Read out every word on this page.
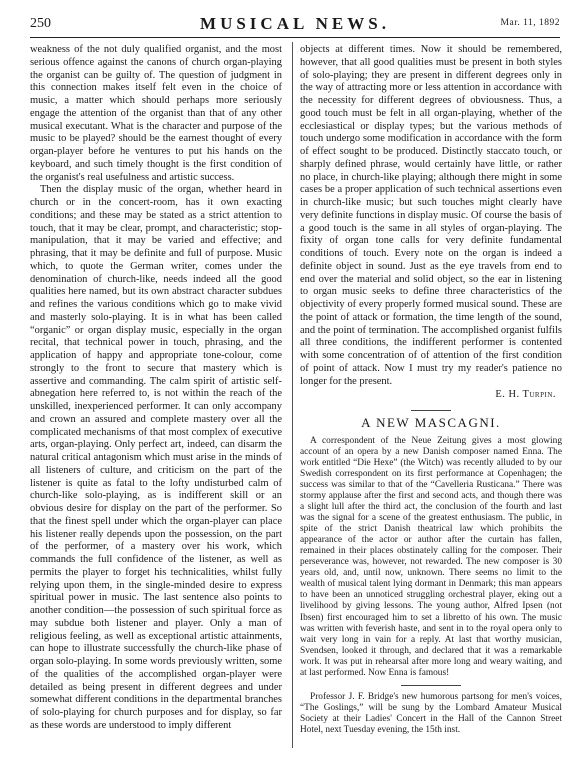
250	MUSICAL NEWS.	Mar. 11, 1892

weakness of the not duly qualified organist, and the most serious offence against the canons of church organ-playing the organist can be guilty of. The question of judgment in this connection makes itself felt even in the choice of music, a matter which should perhaps more seriously engage the attention of the organist than that of any other musical executant. What is the character and purpose of the music to be played? should be the earnest thought of every organ-player before he ventures to put his hands on the keyboard, and such timely thought is the first condition of the organist's real usefulness and artistic success.

Then the display music of the organ, whether heard in church or in the concert-room, has it own exacting conditions; and these may be stated as a strict attention to touch, that it may be clear, prompt, and characteristic; stop-manipulation, that it may be varied and effective; and phrasing, that it may be definite and full of purpose. Music which, to quote the German writer, comes under the denomination of church-like, needs indeed all the good qualities here named, but its own abstract character subdues and refines the various conditions which go to make vivid and masterly solo-playing. It is in what has been called “organic” or organ display music, especially in the organ recital, that technical power in touch, phrasing, and the application of happy and appropriate tone-colour, come strongly to the front to secure that mastery which is assertive and commanding. The calm spirit of artistic self-abnegation here referred to, is not within the reach of the unskilled, inexperienced performer. It can only accompany and crown an assured and complete mastery over all the complicated mechanisms of that most complex of executive arts, organ-playing. Only perfect art, indeed, can disarm the natural critical antagonism which must arise in the minds of all listeners of culture, and criticism on the part of the listener is quite as fatal to the lofty undisturbed calm of church-like solo-playing, as is indifferent skill or an obvious desire for display on the part of the performer. So that the finest spell under which the organ-player can place his listener really depends upon the possession, on the part of the performer, of a mastery over his work, which commands the full confidence of the listener, as well as permits the player to forget his technicalities, whilst fully relying upon them, in the single-minded desire to express spiritual power in music. The last sentence also points to another condition—the possession of such spiritual force as may subdue both listener and player. Only a man of religious feeling, as well as exceptional artistic attainments, can hope to illustrate successfully the church-like phase of organ solo-playing. In some words previously written, some of the qualities of the accomplished organ-player were detailed as being present in different degrees and under somewhat different conditions in the departmental branches of solo-playing for church purposes and for display, so far as these words are understood to imply different

objects at different times. Now it should be remembered, however, that all good qualities must be present in both styles of solo-playing; they are present in different degrees only in the way of attracting more or less attention in accordance with the necessity for different degrees of obviousness. Thus, a good touch must be felt in all organ-playing, whether of the ecclesiastical or display types; but the various methods of touch undergo some modification in accordance with the form of effect sought to be produced. Distinctly staccato touch, or sharply defined phrase, would certainly have little, or rather no place, in church-like playing; although there might in some cases be a proper application of such technical assertions even in church-like music; but such touches might clearly have very definite functions in display music. Of course the basis of a good touch is the same in all styles of organ-playing. The fixity of organ tone calls for very definite fundamental conditions of touch. Every note on the organ is indeed a definite object in sound. Just as the eye travels from end to end over the material and solid object, so the ear in listening to organ music seeks to define three characteristics of the objectivity of every properly formed musical sound. These are the point of attack or formation, the time length of the sound, and the point of termination. The accomplished organist fulfils all three conditions, the indifferent performer is contented with some concentration of of attention of the first condition of point of attack. Now I must try my reader's patience no longer for the present.

E. H. Turpin.

A NEW MASCAGNI.

A correspondent of the Neue Zeitung gives a most glowing account of an opera by a new Danish composer named Enna. The work entitled “Die Hexe” (the Witch) was recently alluded to by our Swedish correspondent on its first performance at Copenhagen; the success was similar to that of the “Cavelleria Rusticana.” There was stormy applause after the first and second acts, and though there was a slight lull after the third act, the conclusion of the fourth and last was the signal for a scene of the greatest enthusiasm. The public, in spite of the strict Danish theatrical law which prohibits the appearance of the actor or author after the curtain has fallen, remained in their places obstinately calling for the composer. Their perseverance was, however, not rewarded. The new composer is 30 years old, and, until now, unknown. There seems no limit to the wealth of musical talent lying dormant in Denmark; this man appears to have been an unnoticed struggling orchestral player, eking out a livelihood by giving lessons. The young author, Alfred Ipsen (not Ibsen) first encouraged him to set a libretto of his own. The music was written with feverish haste, and sent in to the royal opera only to wait very long in vain for a reply. At last that worthy musician, Svendsen, looked it through, and declared that it was a remarkable work. It was put in rehearsal after more long and weary waiting, and at last performed. Now Enna is famous!

Professor J. F. Bridge's new humorous partsong for men's voices, “The Goslings,” will be sung by the Lombard Amateur Musical Society at their Ladies' Concert in the Hall of the Cannon Street Hotel, next Tuesday evening, the 15th inst.
